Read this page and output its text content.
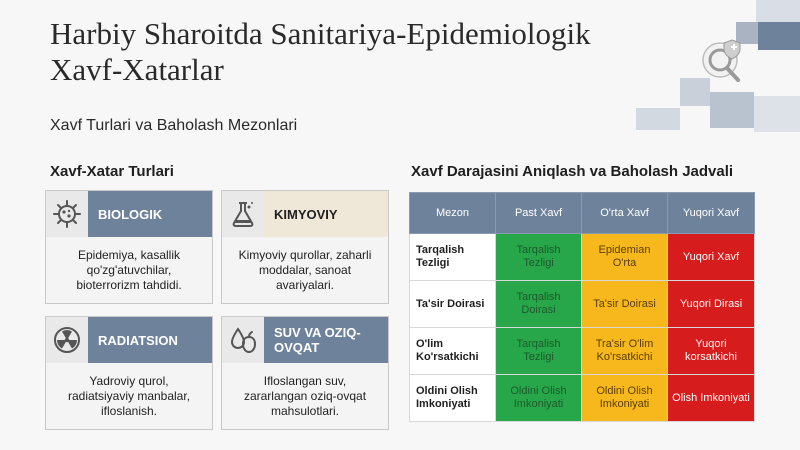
Harbiy Sharoitda Sanitariya-Epidemiologik
Xavf-Xatarlar
Xavf Turlari va Baholash Mezonlari
Xavf-Xatar Turlari	Xavf Darajasini Aniqlash va Baholash Jadvali
BIOLOGIK
Epidemiya, kasallik qo'zg'atuvchilar, bioterrorizm tahdidi.
KIMYOVIY
Kimyoviy qurollar, zaharli moddalar, sanoat avariyalari.
RADIATSION
Yadroviy qurol, radiatsiyaviy manbalar, ifloslanish.
SUV VA OZIQ-OVQAT
Ifloslangan suv, zararlangan oziq-ovqat mahsulotlari.
Mezon	Past Xavf	O'rta Xavf	Yuqori Xavf
Tarqalish Tezligi	Tarqalish Tezligi	Epidemian O'rta	Yuqori Xavf
Ta'sir Doirasi	Tarqalish Doirasi	Ta'sir Doirasi	Yuqori Dirasi
O'lim Ko'rsatkichi	Tarqalish Tezligi	Tra'sir O'lim Ko'rsatkichi	Yuqori korsatkichi
Oldini Olish Imkoniyati	Oldini Olish Imkoniyati	Oldini Olish Imkoniyati	Olish Imkoniyati
